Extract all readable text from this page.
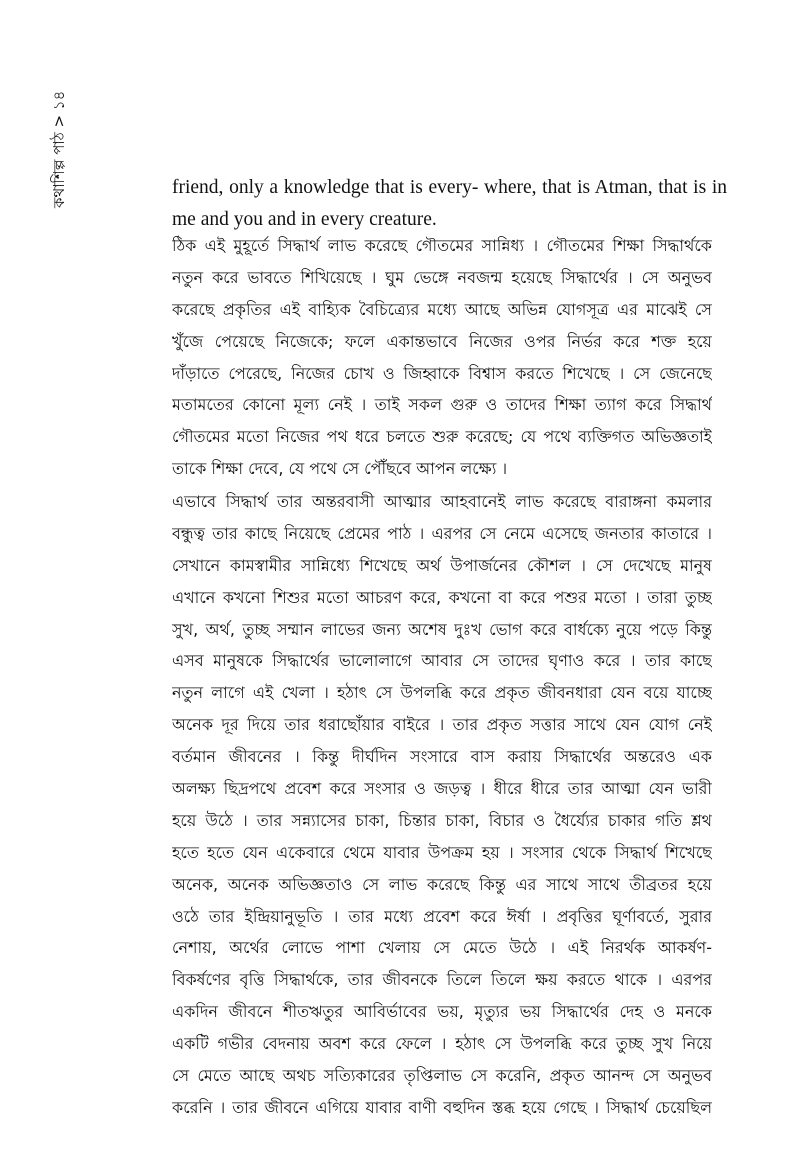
কথাশিল্প পাঠ > ১৪	friend, only a knowledge that is every- where, that is Atman, that is in
me and you and in every creature.
ঠিক এই মুহূর্তে সিদ্ধার্থ লাভ করেছে গৌতমের সান্নিধ্য । গৌতমের শিক্ষা সিদ্ধার্থকে
নতুন করে ভাবতে শিখিয়েছে । ঘুম ভেঙ্গে নবজন্ম হয়েছে সিদ্ধার্থের । সে অনুভব
করেছে প্রকৃতির এই বাহ্যিক বৈচিত্র্যের মধ্যে আছে অভিন্ন যোগসূত্র এর মাঝেই সে
খুঁজে পেয়েছে নিজেকে; ফলে একান্তভাবে নিজের ওপর নির্ভর করে শক্ত হয়ে
দাঁড়াতে পেরেছে, নিজের চোখ ও জিহ্বাকে বিশ্বাস করতে শিখেছে । সে জেনেছে
মতামতের কোনো মূল্য নেই । তাই সকল গুরু ও তাদের শিক্ষা ত্যাগ করে সিদ্ধার্থ
গৌতমের মতো নিজের পথ ধরে চলতে শুরু করেছে; যে পথে ব্যক্তিগত অভিজ্ঞতাই
তাকে শিক্ষা দেবে, যে পথে সে পৌঁছবে আপন লক্ষ্যে ।
এভাবে সিদ্ধার্থ তার অন্তরবাসী আত্মার আহবানেই লাভ করেছে বারাঙ্গনা কমলার
বন্ধুত্ব তার কাছে নিয়েছে প্রেমের পাঠ । এরপর সে নেমে এসেছে জনতার কাতারে ।
সেখানে কামস্বামীর সান্নিধ্যে শিখেছে অর্থ উপার্জনের কৌশল । সে দেখেছে মানুষ
এখানে কখনো শিশুর মতো আচরণ করে, কখনো বা করে পশুর মতো । তারা তুচ্ছ
সুখ, অর্থ, তুচ্ছ সম্মান লাভের জন্য অশেষ দুঃখ ভোগ করে বার্ধক্যে নুয়ে পড়ে কিন্তু
এসব মানুষকে সিদ্ধার্থের ভালোলাগে আবার সে তাদের ঘৃণাও করে । তার কাছে
নতুন লাগে এই খেলা । হঠাৎ সে উপলব্ধি করে প্রকৃত জীবনধারা যেন বয়ে যাচ্ছে
অনেক দূর দিয়ে তার ধরাছোঁয়ার বাইরে । তার প্রকৃত সত্তার সাথে যেন যোগ নেই
বর্তমান জীবনের । কিন্তু দীর্ঘদিন সংসারে বাস করায় সিদ্ধার্থের অন্তরেও এক
অলক্ষ্য ছিদ্রপথে প্রবেশ করে সংসার ও জড়ত্ব । ধীরে ধীরে তার আত্মা যেন ভারী
হয়ে উঠে । তার সন্ন্যাসের চাকা, চিন্তার চাকা, বিচার ও ধৈর্য্যের চাকার গতি শ্লথ
হতে হতে যেন একেবারে থেমে যাবার উপক্রম হয় । সংসার থেকে সিদ্ধার্থ শিখেছে
অনেক, অনেক অভিজ্ঞতাও সে লাভ করেছে কিন্তু এর সাথে সাথে তীব্রতর হয়ে
ওঠে তার ইন্দ্রিয়ানুভূতি । তার মধ্যে প্রবেশ করে ঈর্ষা । প্রবৃত্তির ঘূর্ণাবর্তে, সুরার
নেশায়, অর্থের লোভে পাশা খেলায় সে মেতে উঠে । এই নিরর্থক আকর্ষণ-
বিকর্ষণের বৃত্তি সিদ্ধার্থকে, তার জীবনকে তিলে তিলে ক্ষয় করতে থাকে । এরপর
একদিন জীবনে শীতঋতুর আবির্ভাবের ভয়, মৃত্যুর ভয় সিদ্ধার্থের দেহ ও মনকে
একটি গভীর বেদনায় অবশ করে ফেলে । হঠাৎ সে উপলব্ধি করে তুচ্ছ সুখ নিয়ে
সে মেতে আছে অথচ সত্যিকারের তৃপ্তিলাভ সে করেনি, প্রকৃত আনন্দ সে অনুভব
করেনি । তার জীবনে এগিয়ে যাবার বাণী বহুদিন স্তব্ধ হয়ে গেছে । সিদ্ধার্থ চেয়েছিল
